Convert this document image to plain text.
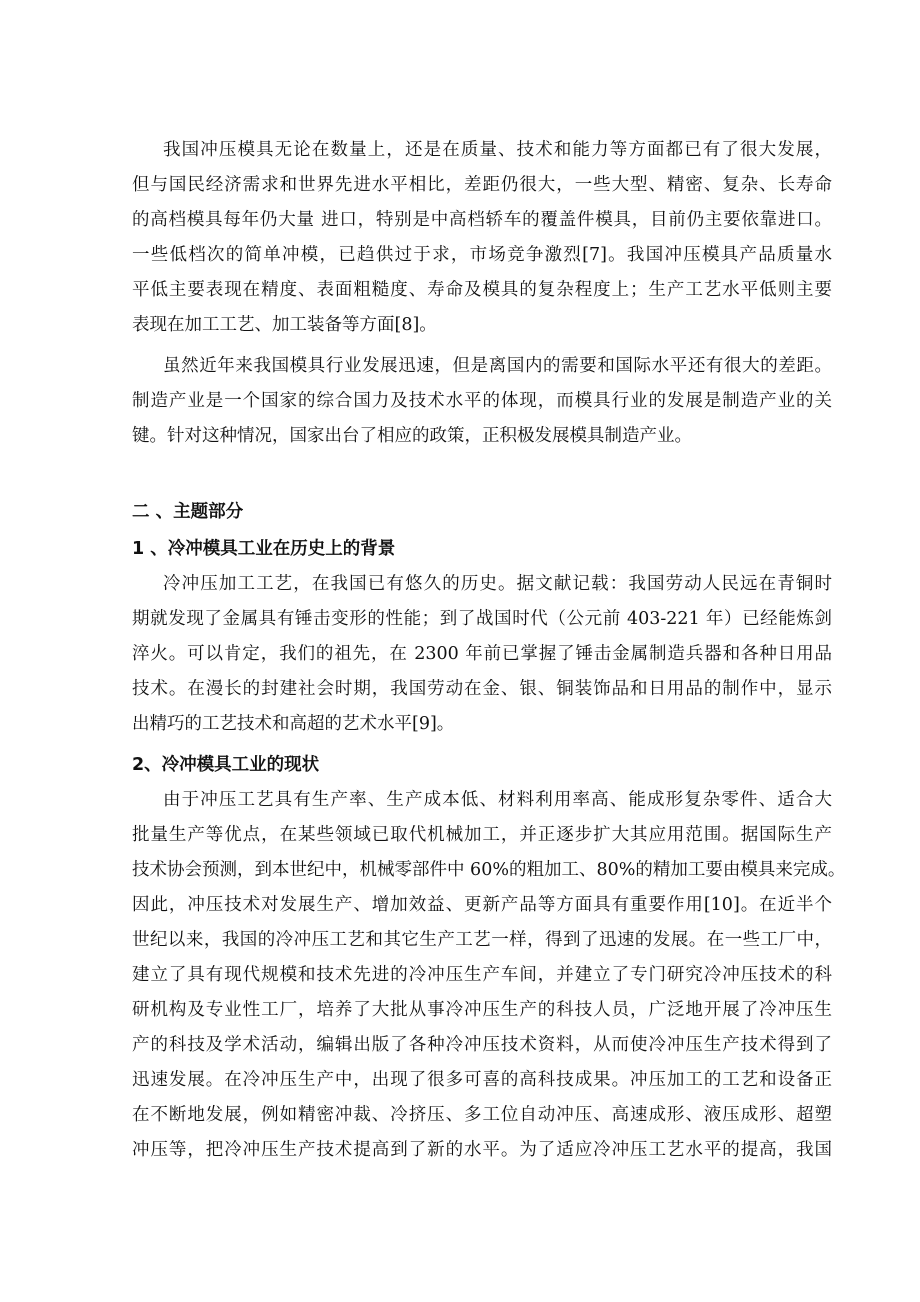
我国冲压模具无论在数量上，还是在质量、技术和能力等方面都已有了很大发展，
但与国民经济需求和世界先进水平相比，差距仍很大，一些大型、精密、复杂、长寿命
的高档模具每年仍大量 进口，特别是中高档轿车的覆盖件模具，目前仍主要依靠进口。
一些低档次的简单冲模，已趋供过于求，市场竞争激烈[7]。我国冲压模具产品质量水
平低主要表现在精度、表面粗糙度、寿命及模具的复杂程度上；生产工艺水平低则主要
表现在加工工艺、加工装备等方面[8]。
虽然近年来我国模具行业发展迅速，但是离国内的需要和国际水平还有很大的差距。
制造产业是一个国家的综合国力及技术水平的体现，而模具行业的发展是制造产业的关
键。针对这种情况，国家出台了相应的政策，正积极发展模具制造产业。
二 、主题部分
1 、冷冲模具工业在历史上的背景
冷冲压加工工艺，在我国已有悠久的历史。据文献记载：我国劳动人民远在青铜时
期就发现了金属具有锤击变形的性能；到了战国时代（公元前 403-221 年）已经能炼剑
淬火。可以肯定，我们的祖先，在 2300 年前已掌握了锤击金属制造兵器和各种日用品
技术。在漫长的封建社会时期，我国劳动在金、银、铜装饰品和日用品的制作中，显示
出精巧的工艺技术和高超的艺术水平[9]。
2、冷冲模具工业的现状
由于冲压工艺具有生产率、生产成本低、材料利用率高、能成形复杂零件、适合大
批量生产等优点，在某些领域已取代机械加工，并正逐步扩大其应用范围。据国际生产
技术协会预测，到本世纪中，机械零部件中 60%的粗加工、80%的精加工要由模具来完成。
因此，冲压技术对发展生产、增加效益、更新产品等方面具有重要作用[10]。在近半个
世纪以来，我国的冷冲压工艺和其它生产工艺一样，得到了迅速的发展。在一些工厂中，
建立了具有现代规模和技术先进的冷冲压生产车间，并建立了专门研究冷冲压技术的科
研机构及专业性工厂，培养了大批从事冷冲压生产的科技人员，广泛地开展了冷冲压生
产的科技及学术活动，编辑出版了各种冷冲压技术资料，从而使冷冲压生产技术得到了
迅速发展。在冷冲压生产中，出现了很多可喜的高科技成果。冲压加工的工艺和设备正
在不断地发展，例如精密冲裁、冷挤压、多工位自动冲压、高速成形、液压成形、超塑
冲压等，把冷冲压生产技术提高到了新的水平。为了适应冷冲压工艺水平的提高，我国
